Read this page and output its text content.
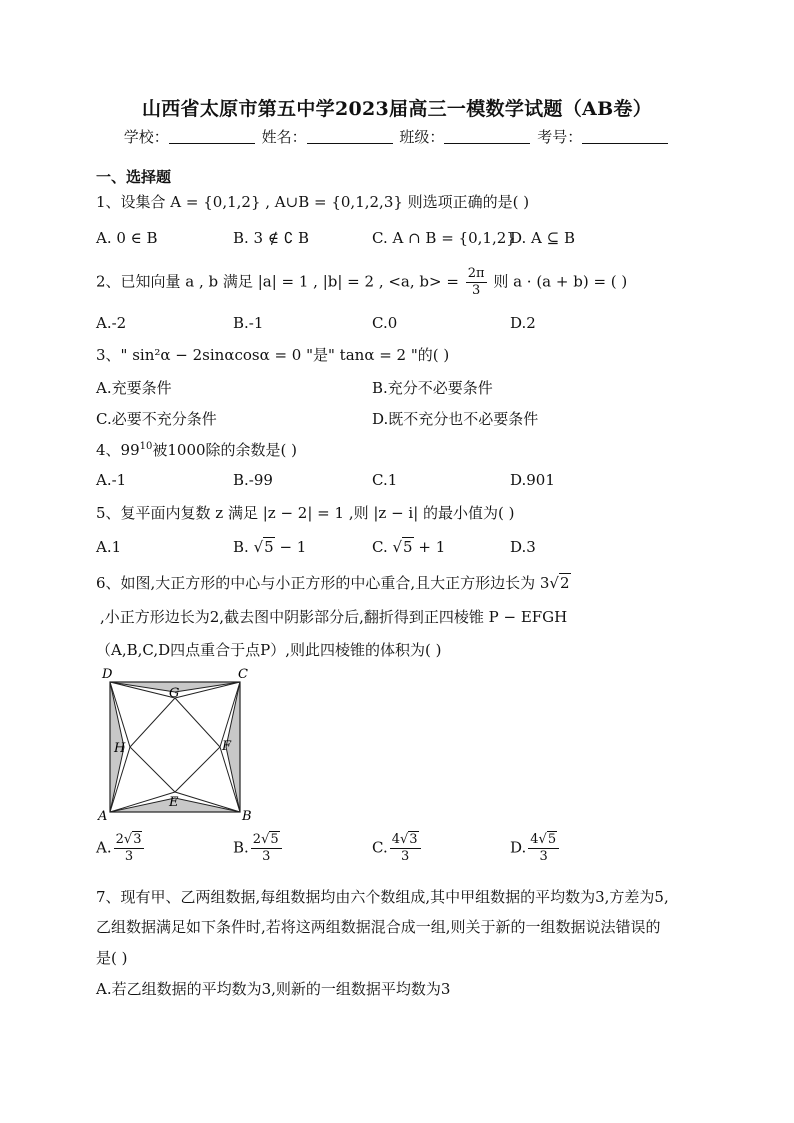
山西省太原市第五中学2023届高三一模数学试题（AB卷）
学校：	姓名：	班级：	考号：
一、选择题
1、设集合 A = {0,1,2} , A∪B = {0,1,2,3} 则选项正确的是( )
A. 0 ∈ B	B. 3 ∉ ∁ B	C. A ∩ B = {0,1,2}
D. A ⊆ B
2、已知向量 a , b 满足 |a| = 1 , |b| = 2 , <a, $b> = \frac{2\pi}{3}$ 则 a · (a + b) = ( )
A.-2	B.-1	C.0	D.2
3、" sin²α − 2sinαcosα = 0 "是" tanα = 2 "的( )
A.充要条件	B.充分不必要条件
C.必要不充分条件	D.既不充分也不必要条件
4、$99^{10}$被1000除的余数是( )
A.-1	B.-99	C.1	D.901
5、复平面内复数 z 满足 |z − 2| = 1 ,则 |z − i| 的最小值为( )
A.1	B. √5 − 1	C. √5 + 1	D.3
6、如图,大正方形的中心与小正方形的中心重合,且大正方形边长为 3√2
,小正方形边长为2,截去图中阴影部分后,翻折得到正四棱锥 P − EFGH
（A,B,C,D四点重合于点P）,则此四棱锥的体积为( )
D	C
A	B
G
H	F
E
A. $\frac{2√3}{3}$	B. $\frac{2√5}{3}$	C. $\frac{4√3}{3}$	D. $\frac{4√5}{3}$
7、现有甲、乙两组数据,每组数据均由六个数组成,其中甲组数据的平均数为3,方差为5,
乙组数据满足如下条件时,若将这两组数据混合成一组,则关于新的一组数据说法错误的
是( )
A.若乙组数据的平均数为3,则新的一组数据平均数为3
